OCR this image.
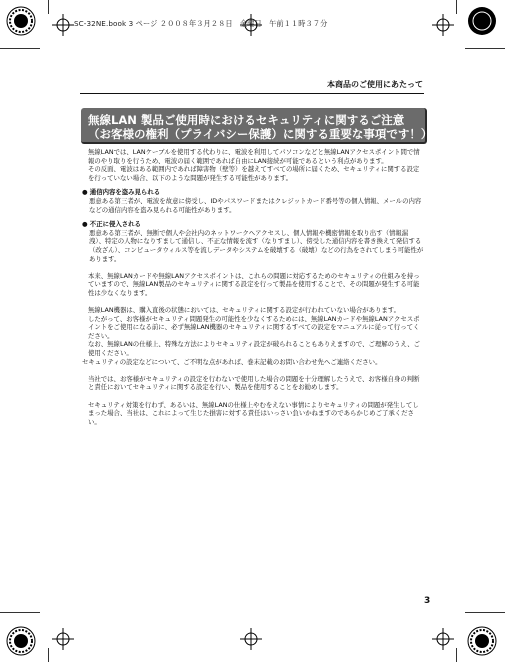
SC-32NE.book 3 ページ ２００８年３月２８日　金曜日　午前１１時３７分
本商品のご使用にあたって
無線LAN 製品ご使用時におけるセキュリティに関するご注意
（お客様の権利（プライバシー保護）に関する重要な事項です！）

無線LANでは、LANケーブルを使用する代わりに、電波を利用してパソコンなどと無線LANアクセスポイント間で情報のやり取りを行うため、電波の届く範囲であれば自由にLAN接続が可能であるという利点があります。

その反面、電波はある範囲内であれば障害物（壁等）を越えてすべての場所に届くため、セキュリティに関する設定を行っていない場合、以下のような問題が発生する可能性があります。

● 通信内容を盗み見られる

悪意ある第三者が、電波を故意に傍受し、IDやパスワードまたはクレジットカード番号等の個人情報、メールの内容などの通信内容を盗み見られる可能性があります。

● 不正に侵入される

悪意ある第三者が、無断で個人や会社内のネットワークへアクセスし、個人情報や機密情報を取り出す（情報漏洩）、特定の人物になりすまして通信し、不正な情報を流す（なりすまし）、傍受した通信内容を書き換えて発信する（改ざん）、コンピュータウィルス等を流しデータやシステムを破壊する（破壊）などの行為をされてしまう可能性があります。

本来、無線LANカードや無線LANアクセスポイントは、これらの問題に対応するためのセキュリティの仕組みを持っていますので、無線LAN製品のセキュリティに関する設定を行って製品を使用することで、その問題が発生する可能性は少なくなります。

無線LAN機器は、購入直後の状態においては、セキュリティに関する設定が行われていない場合があります。

したがって、お客様がセキュリティ問題発生の可能性を少なくするためには、無線LANカードや無線LANアクセスポイントをご使用になる前に、必ず無線LAN機器のセキュリティに関するすべての設定をマニュアルに従って行ってください。

なお、無線LANの仕様上、特殊な方法によりセキュリティ設定が破られることもありえますので、ご理解のうえ、ご使用ください。

セキュリティの設定などについて、ご不明な点があれば、巻末記載のお問い合わせ先へご連絡ください。

当社では、お客様がセキュリティの設定を行わないで使用した場合の問題を十分理解したうえで、お客様自身の判断と責任においてセキュリティに関する設定を行い、製品を使用することをお勧めします。

セキュリティ対策を行わず、あるいは、無線LANの仕様上やむをえない事情によりセキュリティの問題が発生してしまった場合、当社は、これによって生じた損害に対する責任はいっさい負いかねますのであらかじめご了承ください。

3
